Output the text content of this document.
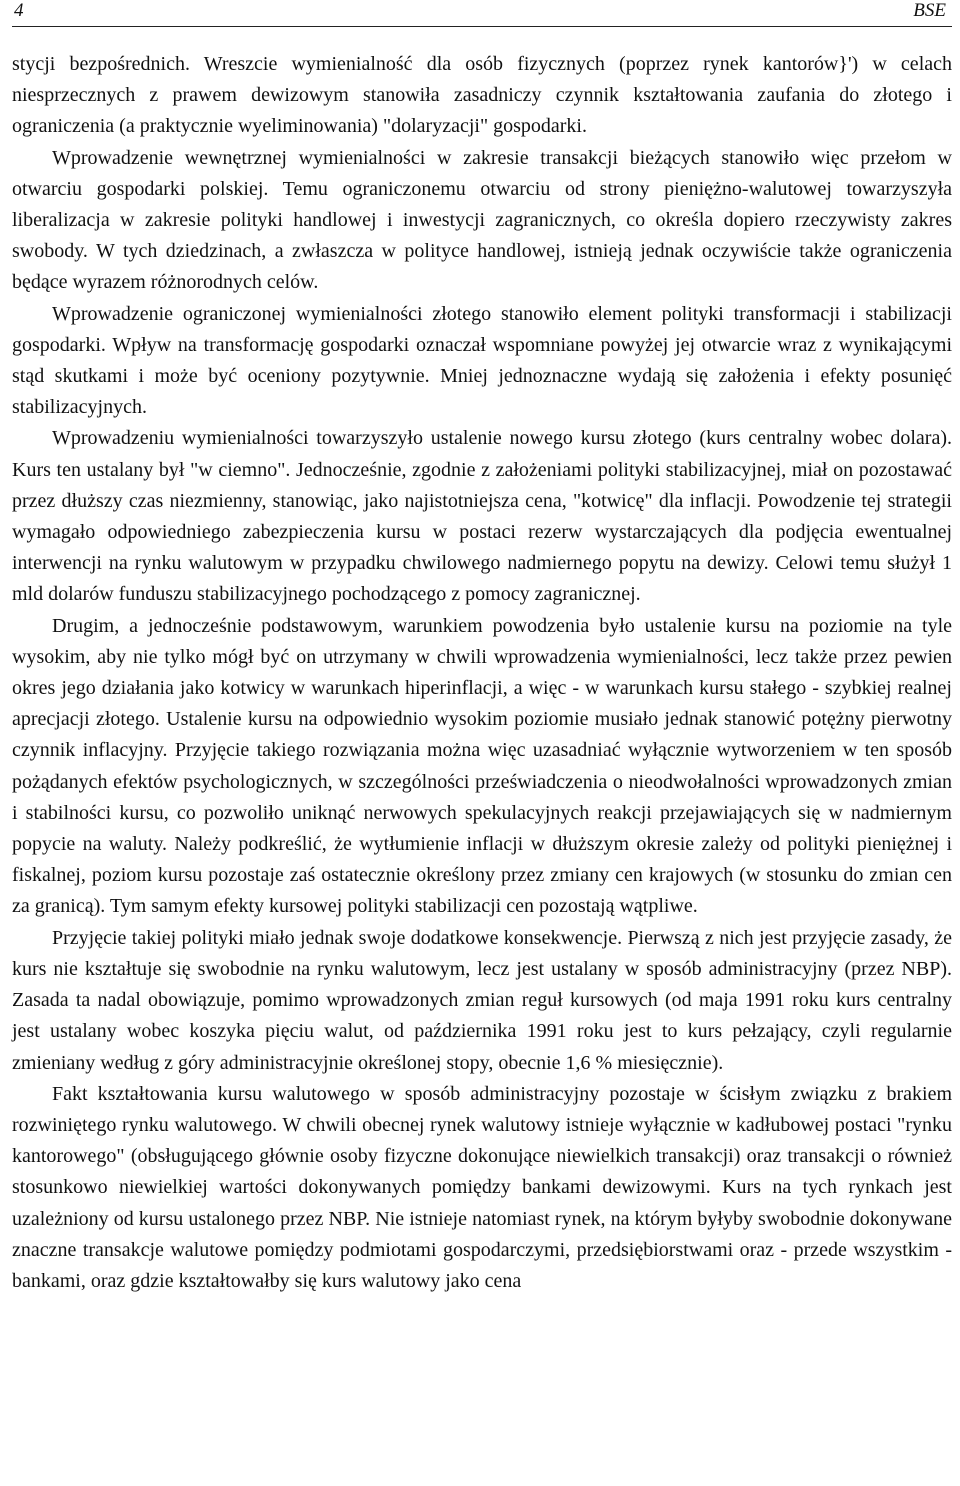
4	BSE

stycji bezpośrednich. Wreszcie wymienialność dla osób fizycznych (poprzez rynek kantorów}') w celach niesprzecznych z prawem dewizowym stanowiła zasadniczy czynnik kształtowania zaufania do złotego i ograniczenia (a praktycznie wyeliminowania) "dolaryzacji" gospodarki.

Wprowadzenie wewnętrznej wymienialności w zakresie transakcji bieżących stanowiło więc przełom w otwarciu gospodarki polskiej. Temu ograniczonemu otwarciu od strony pieniężno-walutowej towarzyszyła liberalizacja w zakresie polityki handlowej i inwestycji zagranicznych, co określa dopiero rzeczywisty zakres swobody. W tych dziedzinach, a zwłaszcza w polityce handlowej, istnieją jednak oczywiście także ograniczenia będące wyrazem różnorodnych celów.

Wprowadzenie ograniczonej wymienialności złotego stanowiło element polityki transformacji i stabilizacji gospodarki. Wpływ na transformację gospodarki oznaczał wspomniane powyżej jej otwarcie wraz z wynikającymi stąd skutkami i może być oceniony pozytywnie. Mniej jednoznaczne wydają się założenia i efekty posunięć stabilizacyjnych.

Wprowadzeniu wymienialności towarzyszyło ustalenie nowego kursu złotego (kurs centralny wobec dolara). Kurs ten ustalany był "w ciemno". Jednocześnie, zgodnie z założeniami polityki stabilizacyjnej, miał on pozostawać przez dłuższy czas niezmienny, stanowiąc, jako najistotniejsza cena, "kotwicę" dla inflacji. Powodzenie tej strategii wymagało odpowiedniego zabezpieczenia kursu w postaci rezerw wystarczających dla podjęcia ewentualnej interwencji na rynku walutowym w przypadku chwilowego nadmiernego popytu na dewizy. Celowi temu służył 1 mld dolarów funduszu stabilizacyjnego pochodzącego z pomocy zagranicznej.

Drugim, a jednocześnie podstawowym, warunkiem powodzenia było ustalenie kursu na poziomie na tyle wysokim, aby nie tylko mógł być on utrzymany w chwili wprowadzenia wymienialności, lecz także przez pewien okres jego działania jako kotwicy w warunkach hiperinflacji, a więc - w warunkach kursu stałego - szybkiej realnej aprecjacji złotego. Ustalenie kursu na odpowiednio wysokim poziomie musiało jednak stanowić potężny pierwotny czynnik inflacyjny. Przyjęcie takiego rozwiązania można więc uzasadniać wyłącznie wytworzeniem w ten sposób pożądanych efektów psychologicznych, w szczególności przeświadczenia o nieodwołalności wprowadzonych zmian i stabilności kursu, co pozwoliło uniknąć nerwowych spekulacyjnych reakcji przejawiających się w nadmiernym popycie na waluty. Należy podkreślić, że wytłumienie inflacji w dłuższym okresie zależy od polityki pieniężnej i fiskalnej, poziom kursu pozostaje zaś ostatecznie określony przez zmiany cen krajowych (w stosunku do zmian cen za granicą). Tym samym efekty kursowej polityki stabilizacji cen pozostają wątpliwe.

Przyjęcie takiej polityki miało jednak swoje dodatkowe konsekwencje. Pierwszą z nich jest przyjęcie zasady, że kurs nie kształtuje się swobodnie na rynku walutowym, lecz jest ustalany w sposób administracyjny (przez NBP). Zasada ta nadal obowiązuje, pomimo wprowadzonych zmian reguł kursowych (od maja 1991 roku kurs centralny jest ustalany wobec koszyka pięciu walut, od października 1991 roku jest to kurs pełzający, czyli regularnie zmieniany według z góry administracyjnie określonej stopy, obecnie 1,6 % miesięcznie).

Fakt kształtowania kursu walutowego w sposób administracyjny pozostaje w ścisłym związku z brakiem rozwiniętego rynku walutowego. W chwili obecnej rynek walutowy istnieje wyłącznie w kadłubowej postaci "rynku kantorowego" (obsługującego głównie osoby fizyczne dokonujące niewielkich transakcji) oraz transakcji o również stosunkowo niewielkiej wartości dokonywanych pomiędzy bankami dewizowymi. Kurs na tych rynkach jest uzależniony od kursu ustalonego przez NBP. Nie istnieje natomiast rynek, na którym byłyby swobodnie dokonywane znaczne transakcje walutowe pomiędzy podmiotami gospodarczymi, przedsiębiorstwami oraz - przede wszystkim - bankami, oraz gdzie kształtowałby się kurs walutowy jako cena
